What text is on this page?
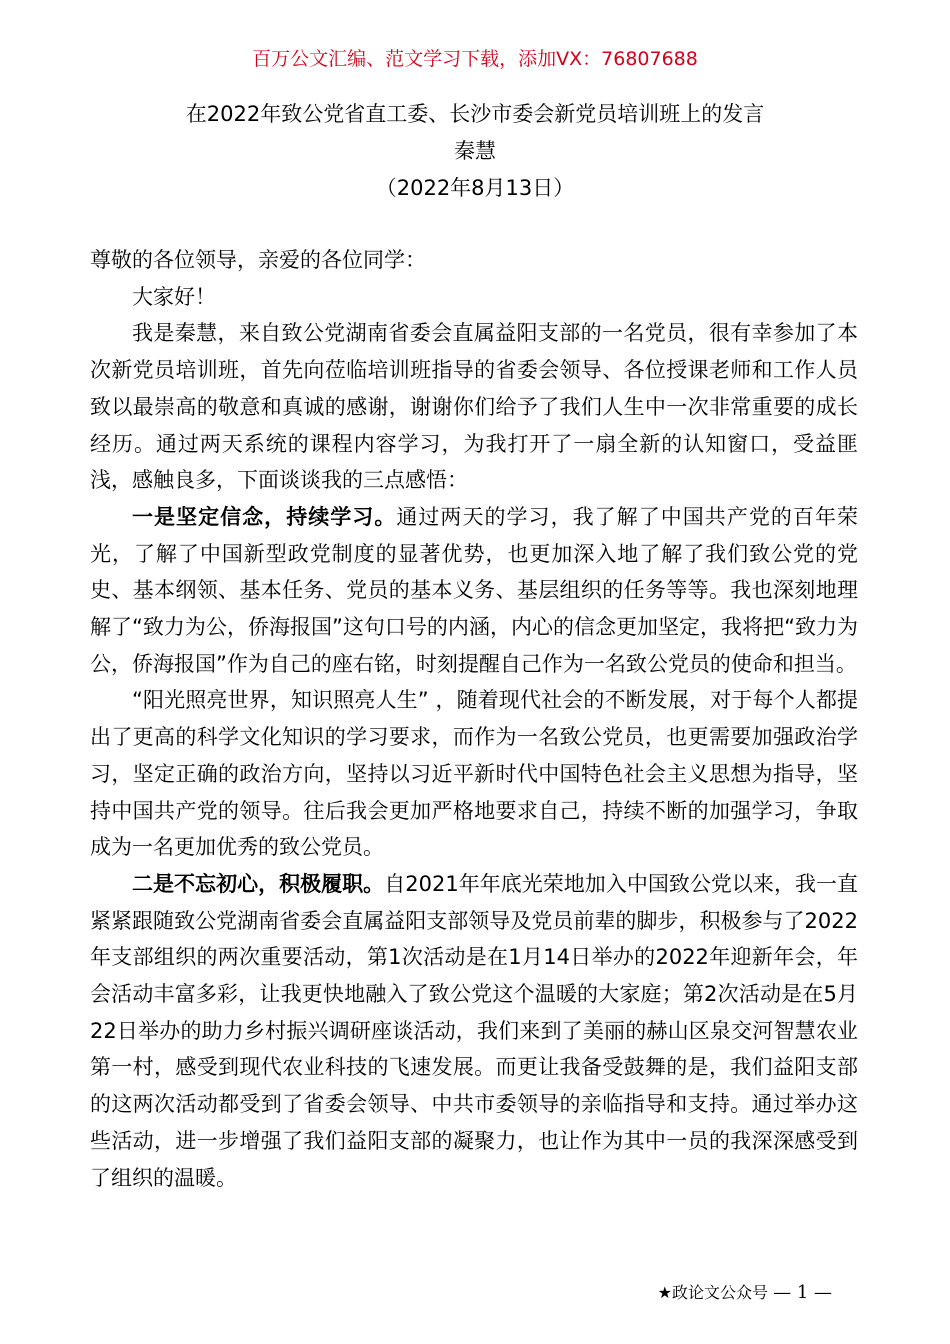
百万公文汇编、范文学习下载，添加VX：76807688
在2022年致公党省直工委、长沙市委会新党员培训班上的发言
秦慧
（2022年8月13日）

尊敬的各位领导，亲爱的各位同学：

大家好！

我是秦慧，来自致公党湖南省委会直属益阳支部的一名党员，很有幸参加了本次新党员培训班，首先向莅临培训班指导的省委会领导、各位授课老师和工作人员致以最崇高的敬意和真诚的感谢，谢谢你们给予了我们人生中一次非常重要的成长经历。通过两天系统的课程内容学习，为我打开了一扇全新的认知窗口，受益匪浅，感触良多，下面谈谈我的三点感悟：

一是坚定信念，持续学习。通过两天的学习，我了解了中国共产党的百年荣光，了解了中国新型政党制度的显著优势，也更加深入地了解了我们致公党的党史、基本纲领、基本任务、党员的基本义务、基层组织的任务等等。我也深刻地理解了“致力为公，侨海报国”这句口号的内涵，内心的信念更加坚定，我将把“致力为公，侨海报国”作为自己的座右铭，时刻提醒自己作为一名致公党员的使命和担当。

“阳光照亮世界，知识照亮人生” ，随着现代社会的不断发展，对于每个人都提出了更高的科学文化知识的学习要求，而作为一名致公党员，也更需要加强政治学习，坚定正确的政治方向，坚持以习近平新时代中国特色社会主义思想为指导，坚持中国共产党的领导。往后我会更加严格地要求自己，持续不断的加强学习，争取成为一名更加优秀的致公党员。

二是不忘初心，积极履职。自2021年年底光荣地加入中国致公党以来，我一直紧紧跟随致公党湖南省委会直属益阳支部领导及党员前辈的脚步，积极参与了2022年支部组织的两次重要活动，第1次活动是在1月14日举办的2022年迎新年会，年会活动丰富多彩，让我更快地融入了致公党这个温暖的大家庭；第2次活动是在5月22日举办的助力乡村振兴调研座谈活动，我们来到了美丽的赫山区泉交河智慧农业第一村，感受到现代农业科技的飞速发展。而更让我备受鼓舞的是，我们益阳支部的这两次活动都受到了省委会领导、中共市委领导的亲临指导和支持。通过举办这些活动，进一步增强了我们益阳支部的凝聚力，也让作为其中一员的我深深感受到了组织的温暖。

★政论文公众号 — 1 —
